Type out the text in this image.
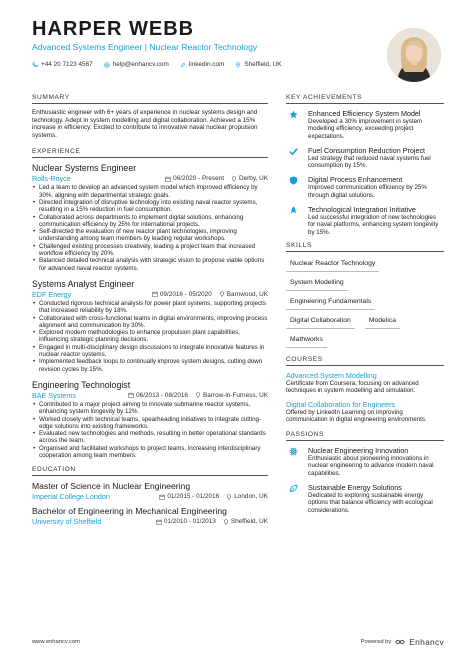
HARPER WEBB
Advanced Systems Engineer | Nuclear Reactor Technology
+44 20 7123 4567	help@enhancv.com	linkedin.com	Sheffield, UK
SUMMARY

Enthusiastic engineer with 6+ years of experience in nuclear systems design and technology. Adept in system modelling and digital collaboration. Achieved a 15% increase in efficiency. Excited to contribute to innovative naval nuclear propulsion systems.

EXPERIENCE
Nuclear Systems Engineer
Rolls-Royce	06/2020 - Present Derby, UK
• Led a team to develop an advanced system model which improved efficiency by 30%, aligning with departmental strategic goals.
• Directed integration of disruptive technology into existing naval reactor systems, resulting in a 15% reduction in fuel consumption.
• Collaborated across departments to implement digital solutions, enhancing communication efficiency by 25% for international projects.
• Self-directed the evaluation of new reactor plant technologies, improving understanding among team members by leading regular workshops.
• Challenged existing processes creatively, leading a project team that increased workflow efficiency by 20%.
• Balanced detailed technical analysis with strategic vision to propose viable options for advanced naval reactor systems.
Systems Analyst Engineer
EDF Energy	09/2016 - 05/2020 Barnwood, UK
• Conducted rigorous technical analysis for power plant systems, supporting projects that increased reliability by 18%.
• Collaborated with cross-functional teams in digital environments, improving process alignment and communication by 30%.
• Explored modern methodologies to enhance propulsion plant capabilities, influencing strategic planning decisions.
• Engaged in multi-disciplinary design discussions to integrate innovative features in nuclear reactor systems.
• Implemented feedback loops to continually improve system designs, cutting down revision cycles by 15%.
Engineering Technologist
BAE Systems	06/2013 - 08/2016 Barrow-in-Furness, UK
• Contributed to a major project aiming to innovate submarine reactor systems, enhancing system longevity by 12%.
• Worked closely with technical teams, spearheading initiatives to integrate cutting-edge solutions into existing frameworks.
• Evaluated new technologies and methods, resulting in better operational standards across the team.
• Organised and facilitated workshops to project teams, increasing interdisciplinary cooperation among team members.
EDUCATION
Master of Science in Nuclear Engineering
Imperial College London	01/2015 - 01/2016 London, UK
Bachelor of Engineering in Mechanical Engineering
University of Sheffield	01/2010 - 01/2013 Sheffield, UK
KEY ACHIEVEMENTS
Enhanced Efficiency System Model
Developed a 30% improvement in system modelling efficiency, exceeding project expectations.
Fuel Consumption Reduction Project
Led strategy that reduced naval systems fuel consumption by 15%.
Digital Process Enhancement
Improved communication efficiency by 25% through digital solutions.
Technological Integration Initiative
Led successful integration of new technologies for naval platforms, enhancing system longevity by 15%.
SKILLS
Nuclear Reactor Technology
System Modelling
Engineering Fundamentals
Digital Collaboration	Modelica
Mathworks
COURSES
Advanced System Modelling
Certificate from Coursera, focusing on advanced techniques in system modelling and simulation.
Digital Collaboration for Engineers
Offered by LinkedIn Learning on improving communication in digital engineering environments.
PASSIONS
Nuclear Engineering Innovation
Enthusiastic about pioneering innovations in nuclear engineering to advance modern naval capabilities.
Sustainable Energy Solutions
Dedicated to exploring sustainable energy options that balance efficiency with ecological considerations.
www.enhancv.com	Powered by Enhancv
